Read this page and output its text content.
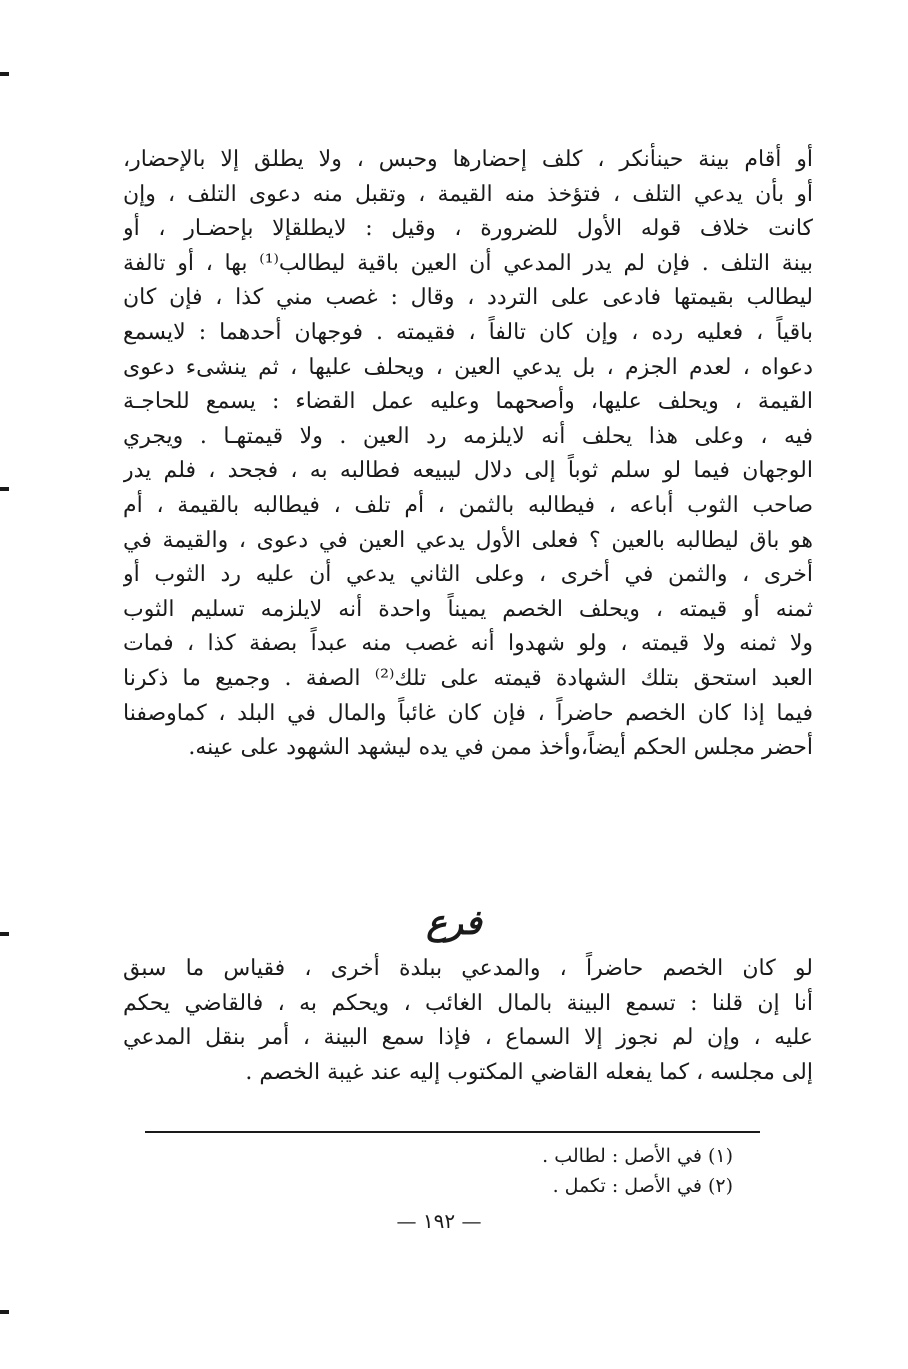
أو أقام بينة حينأنكر ، كلف إحضارها وحبس ، ولا يطلق إلا بالإحضار،
أو بأن يدعي التلف ، فتؤخذ منه القيمة ، وتقبل منه دعوى التلف ، وإن
كانت خلاف قوله الأول للضرورة ، وقيل : لايطلقإلا بإحضـار ، أو
بينة التلف . فإن لم يدر المدعي أن العين باقية ليطالب⁽¹⁾ بها ، أو تالفة
ليطالب بقيمتها فادعى على التردد ، وقال : غصب مني كذا ، فإن كان
باقياً ، فعليه رده ، وإن كان تالفاً ، فقيمته . فوجهان أحدهما : لايسمع
دعواه ، لعدم الجزم ، بل يدعي العين ، ويحلف عليها ، ثم ينشىء دعوى
القيمة ، ويحلف عليها، وأصحهما وعليه عمل القضاء : يسمع للحاجـة
فيه ، وعلى هذا يحلف أنه لايلزمه رد العين . ولا قيمتهـا . ويجري
الوجهان فيما لو سلم ثوباً إلى دلال ليبيعه فطالبه به ، فجحد ، فلم يدر
صاحب الثوب أباعه ، فيطالبه بالثمن ، أم تلف ، فيطالبه بالقيمة ، أم
هو باق ليطالبه بالعين ؟ فعلى الأول يدعي العين في دعوى ، والقيمة في
أخرى ، والثمن في أخرى ، وعلى الثاني يدعي أن عليه رد الثوب أو
ثمنه أو قيمته ، ويحلف الخصم يميناً واحدة أنه لايلزمه تسليم الثوب
ولا ثمنه ولا قيمته ، ولو شهدوا أنه غصب منه عبداً بصفة كذا ، فمات
العبد استحق بتلك الشهادة قيمته على تلك⁽²⁾ الصفة . وجميع ما ذكرنا
فيما إذا كان الخصم حاضراً ، فإن كان غائباً والمال في البلد ، كماوصفنا
أحضر مجلس الحكم أيضاً،وأخذ ممن في يده ليشهد الشهود على عينه.
فرع
لو كان الخصم حاضراً ، والمدعي ببلدة أخرى ، فقياس ما سبق
أنا إن قلنا : تسمع البينة بالمال الغائب ، ويحكم به ، فالقاضي يحكم
عليه ، وإن لم نجوز إلا السماع ، فإذا سمع البينة ، أمر بنقل المدعي
إلى مجلسه ، كما يفعله القاضي المكتوب إليه عند غيبة الخصم .
(١) في الأصل : لطالب .
(٢) في الأصل : تكمل .
— ١٩٢ —
